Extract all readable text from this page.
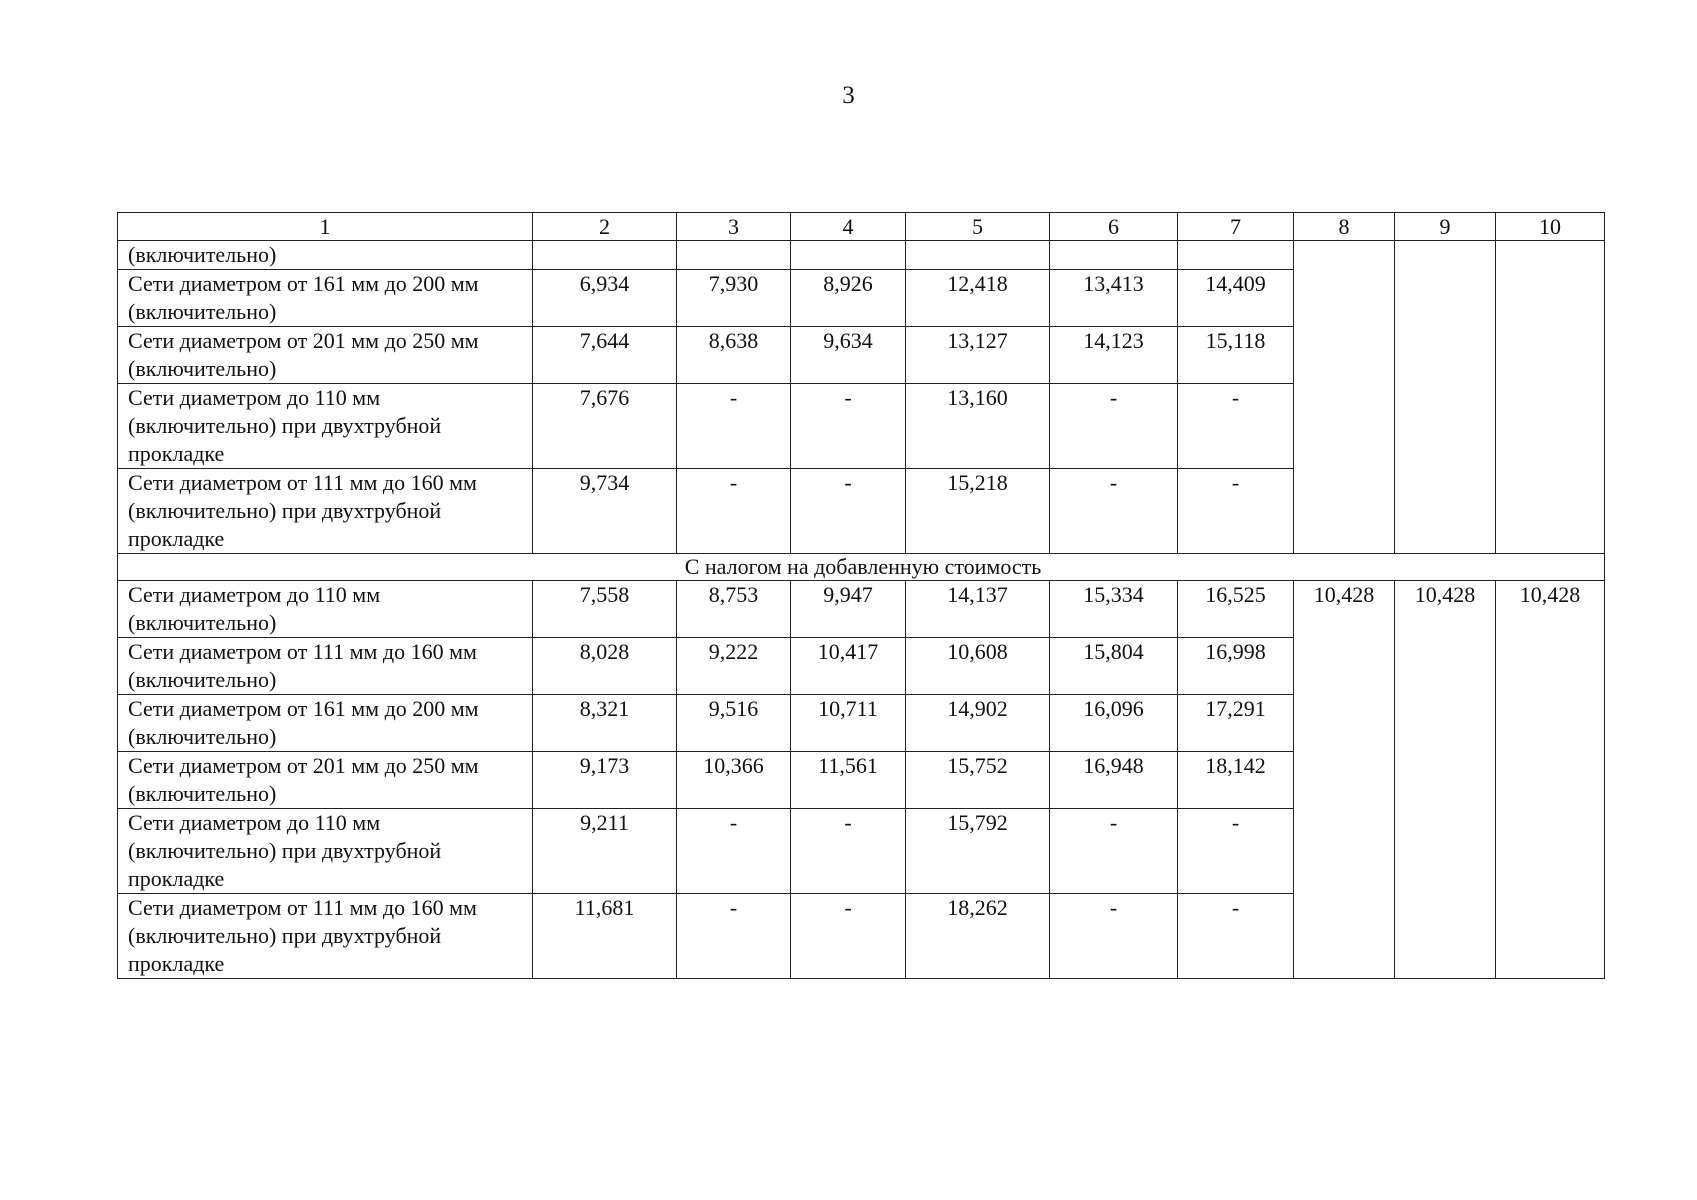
3
1	2	3	4	5	6	7	8	9	10
(включительно)									
Сети диаметром от 161 мм до 200 мм (включительно)	6,934	7,930	8,926	12,418	13,413	14,409			
Сети диаметром от 201 мм до 250 мм (включительно)	7,644	8,638	9,634	13,127	14,123	15,118			
Сети диаметром до 110 мм (включительно) при двухтрубной прокладке	7,676	-	-	13,160	-	-			
Сети диаметром от 111 мм до 160 мм (включительно) при двухтрубной прокладке	9,734	-	-	15,218	-	-			
С налогом на добавленную стоимость									
Сети диаметром до 110 мм (включительно)	7,558	8,753	9,947	14,137	15,334	16,525	10,428	10,428	10,428
Сети диаметром от 111 мм до 160 мм (включительно)	8,028	9,222	10,417	10,608	15,804	16,998			
Сети диаметром от 161 мм до 200 мм (включительно)	8,321	9,516	10,711	14,902	16,096	17,291			
Сети диаметром от 201 мм до 250 мм (включительно)	9,173	10,366	11,561	15,752	16,948	18,142			
Сети диаметром до 110 мм (включительно) при двухтрубной прокладке	9,211	-	-	15,792	-	-			
Сети диаметром от 111 мм до 160 мм (включительно) при двухтрубной прокладке	11,681	-	-	18,262	-	-			
